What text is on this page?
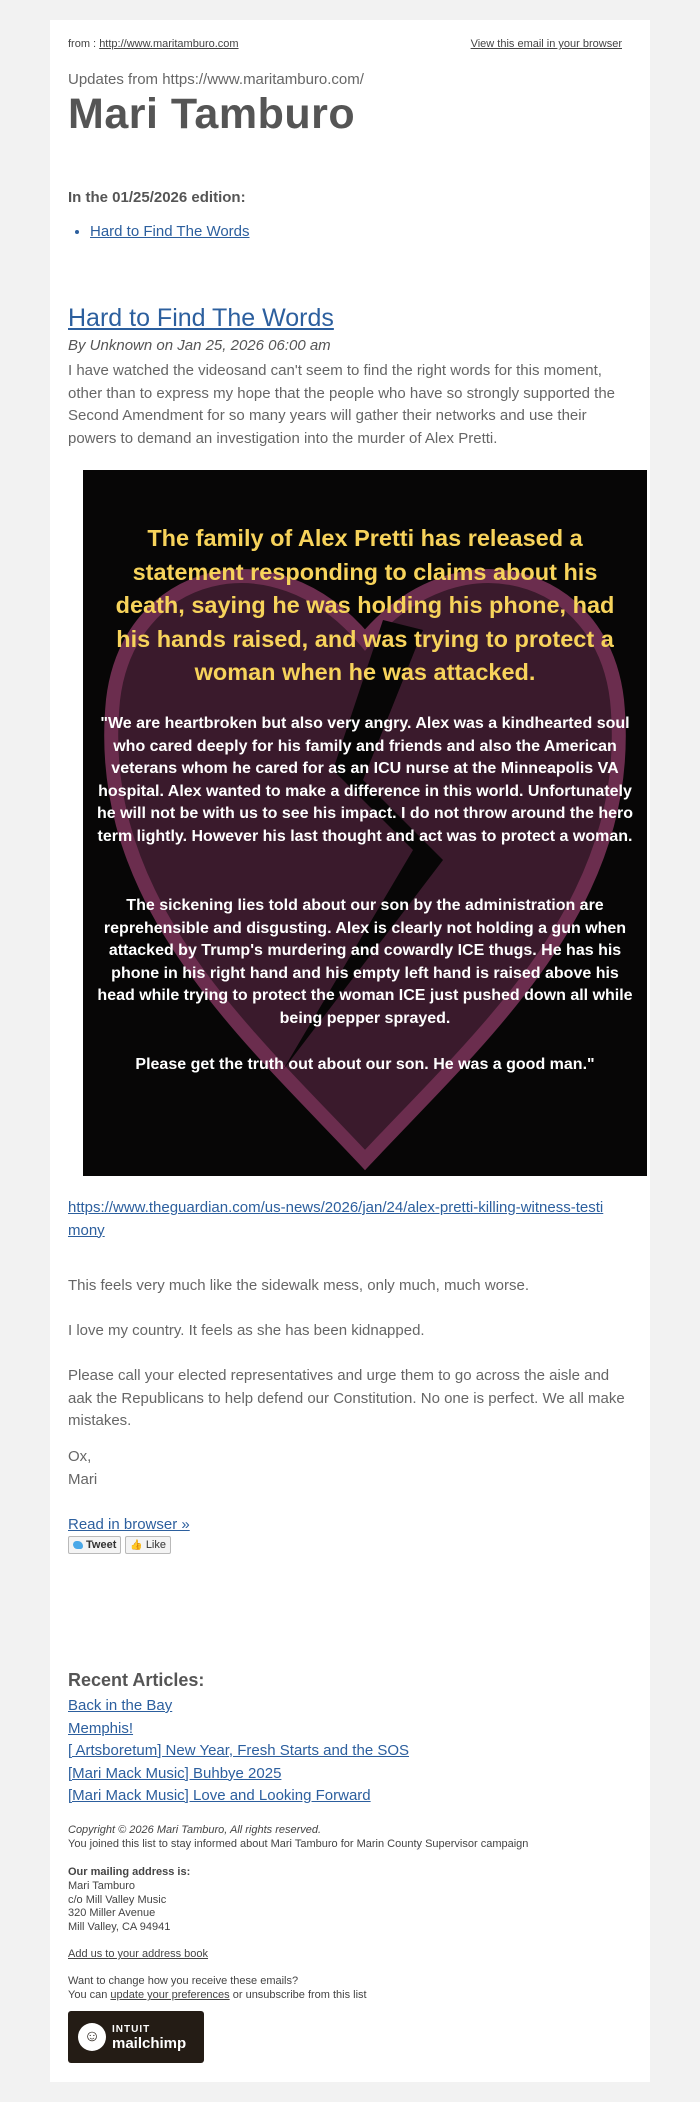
from : http://www.maritamburo.com	View this email in your browser
Updates from https://www.maritamburo.com/
Mari Tamburo
In the 01/25/2026 edition:
• Hard to Find The Words
Hard to Find The Words
By Unknown on Jan 25, 2026 06:00 am

I have watched the videosand can't seem to find the right words for this moment, other than to express my hope that the people who have so strongly supported the Second Amendment for so many years will gather their networks and use their powers to demand an investigation into the murder of Alex Pretti.

The family of Alex Pretti has released a statement responding to claims about his death, saying he was holding his phone, had his hands raised, and was trying to protect a woman when he was attacked.
"We are heartbroken but also very angry. Alex was a kindhearted soul who cared deeply for his family and friends and also the American veterans whom he cared for as an ICU nurse at the Minneapolis VA hospital. Alex wanted to make a difference in this world. Unfortunately he will not be with us to see his impact. I do not throw around the hero term lightly. However his last thought and act was to protect a woman.
The sickening lies told about our son by the administration are reprehensible and disgusting. Alex is clearly not holding a gun when attacked by Trump's murdering and cowardly ICE thugs. He has his phone in his right hand and his empty left hand is raised above his head while trying to protect the woman ICE just pushed down all while being pepper sprayed.
Please get the truth out about our son. He was a good man."
https://www.theguardian.com/us-news/2026/jan/24/alex-pretti-killing-witness-testimony

This feels very much like the sidewalk mess, only much, much worse.

I love my country. It feels as she has been kidnapped.

Please call your elected representatives and urge them to go across the aisle and aak the Republicans to help defend our Constitution. No one is perfect. We all make mistakes.

Ox,

Mari

Read in browser »
Tweet 👍 Like
Recent Articles:
Back in the Bay
Memphis!
[ Artsboretum] New Year, Fresh Starts and the SOS
[Mari Mack Music] Buhbye 2025
[Mari Mack Music] Love and Looking Forward
Copyright © 2026 Mari Tamburo, All rights reserved.
You joined this list to stay informed about Mari Tamburo for Marin County Supervisor campaign
Our mailing address is:
Mari Tamburo
c/o Mill Valley Music
320 Miller Avenue
Mill Valley, CA 94941
Add us to your address book
Want to change how you receive these emails?
You can update your preferences or unsubscribe from this list
☺	INTUIT
mailchimp
